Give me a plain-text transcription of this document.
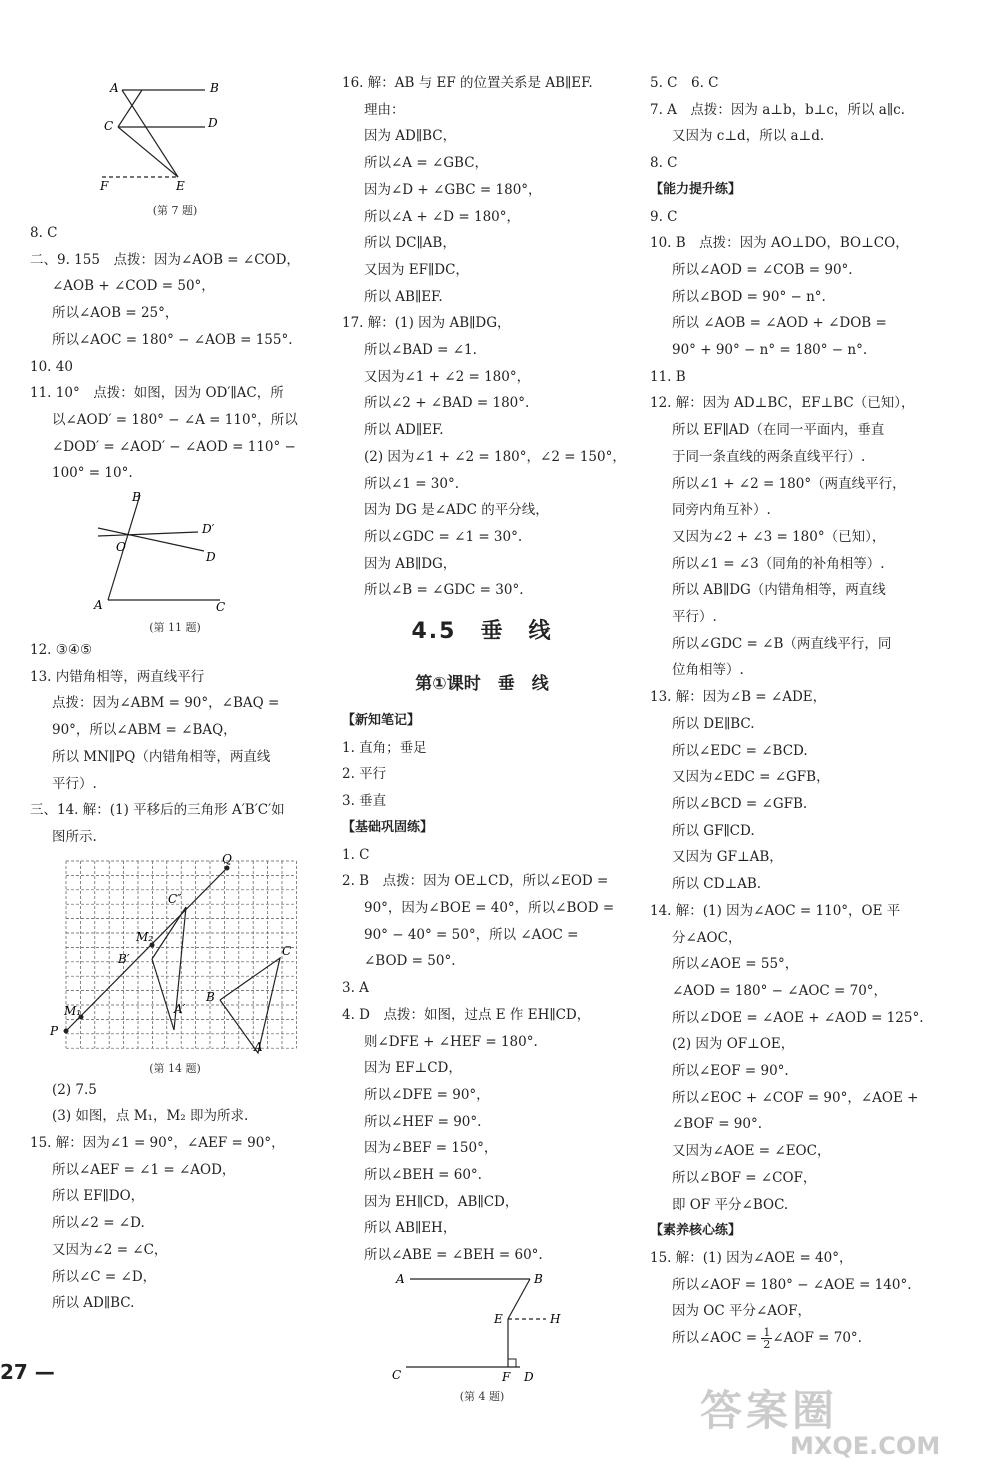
27 —
答案圈
MXQE.COM
A	B
C	D
F	E
(第 7 题)
8. C
二、9. 155　点拨：因为∠AOB = ∠COD，
∠AOB + ∠COD = 50°，
所以∠AOB = 25°，
所以∠AOC = 180° − ∠AOB = 155°.
10. 40
11. 10°　点拨：如图，因为 OD′∥AC，所
以∠AOD′ = 180° − ∠A = 110°，所以
∠DOD′ = ∠AOD′ − ∠AOD = 110° −
100° = 10°.
B
D′
O
D
A	C
(第 11 题)
12. ③④⑤
13. 内错角相等，两直线平行
点拨：因为∠ABM = 90°，∠BAQ =
90°，所以∠ABM = ∠BAQ，
所以 MN∥PQ（内错角相等，两直线
平行）.
三、14. 解：(1) 平移后的三角形 A′B′C′如
图所示.
Q
C″
M₂
B′
M₁
P
A′
B
C
A
(第 14 题)
(2) 7.5
(3) 如图，点 M₁，M₂ 即为所求.
15. 解：因为∠1 = 90°，∠AEF = 90°，
所以∠AEF = ∠1 = ∠AOD，
所以 EF∥DO，
所以∠2 = ∠D.
又因为∠2 = ∠C，
所以∠C = ∠D，
所以 AD∥BC.
16. 解：AB 与 EF 的位置关系是 AB∥EF.
理由：
因为 AD∥BC，
所以∠A = ∠GBC，
因为∠D + ∠GBC = 180°，
所以∠A + ∠D = 180°，
所以 DC∥AB，
又因为 EF∥DC，
所以 AB∥EF.
17. 解：(1) 因为 AB∥DG，
所以∠BAD = ∠1.
又因为∠1 + ∠2 = 180°，
所以∠2 + ∠BAD = 180°.
所以 AD∥EF.
(2) 因为∠1 + ∠2 = 180°，∠2 = 150°，
所以∠1 = 30°.
因为 DG 是∠ADC 的平分线，
所以∠GDC = ∠1 = 30°.
因为 AB∥DG，
所以∠B = ∠GDC = 30°.
4.5　垂　线
第①课时　垂　线
【新知笔记】
1. 直角；垂足
2. 平行
3. 垂直
【基础巩固练】
1. C
2. B　点拨：因为 OE⊥CD，所以∠EOD =
90°，因为∠BOE = 40°，所以∠BOD =
90° − 40° = 50°，所以 ∠AOC =
∠BOD = 50°.
3. A
4. D　点拨：如图，过点 E 作 EH∥CD，
则∠DFE + ∠HEF = 180°.
因为 EF⊥CD，
所以∠DFE = 90°，
所以∠HEF = 90°.
因为∠BEF = 150°，
所以∠BEH = 60°.
因为 EH∥CD，AB∥CD，
所以 AB∥EH，
所以∠ABE = ∠BEH = 60°.
A	B
E	H
C	F D
(第 4 题)
5. C　6. C
7. A　点拨：因为 a⊥b，b⊥c，所以 a∥c.
又因为 c⊥d，所以 a⊥d.
8. C
【能力提升练】
9. C
10. B　点拨：因为 AO⊥DO，BO⊥CO，
所以∠AOD = ∠COB = 90°.
所以∠BOD = 90° − n°.
所以 ∠AOB = ∠AOD + ∠DOB =
90° + 90° − n° = 180° − n°.
11. B
12. 解：因为 AD⊥BC，EF⊥BC（已知），
所以 EF∥AD（在同一平面内，垂直
于同一条直线的两条直线平行）.
所以∠1 + ∠2 = 180°（两直线平行，
同旁内角互补）.
又因为∠2 + ∠3 = 180°（已知），
所以∠1 = ∠3（同角的补角相等）.
所以 AB∥DG（内错角相等，两直线
平行）.
所以∠GDC = ∠B（两直线平行，同
位角相等）.
13. 解：因为∠B = ∠ADE，
所以 DE∥BC.
所以∠EDC = ∠BCD.
又因为∠EDC = ∠GFB，
所以∠BCD = ∠GFB.
所以 GF∥CD.
又因为 GF⊥AB，
所以 CD⊥AB.
14. 解：(1) 因为∠AOC = 110°，OE 平
分∠AOC，
所以∠AOE = 55°，
∠AOD = 180° − ∠AOC = 70°，
所以∠DOE = ∠AOE + ∠AOD = 125°.
(2) 因为 OF⊥OE，
所以∠EOF = 90°.
所以∠EOC + ∠COF = 90°，∠AOE +
∠BOF = 90°.
又因为∠AOE = ∠EOC，
所以∠BOF = ∠COF，
即 OF 平分∠BOC.
【素养核心练】
15. 解：(1) 因为∠AOE = 40°，
所以∠AOF = 180° − ∠AOE = 140°.
因为 OC 平分∠AOF，
所以∠AOC = $\frac{1}{2}$ ∠AOF = 70°.
